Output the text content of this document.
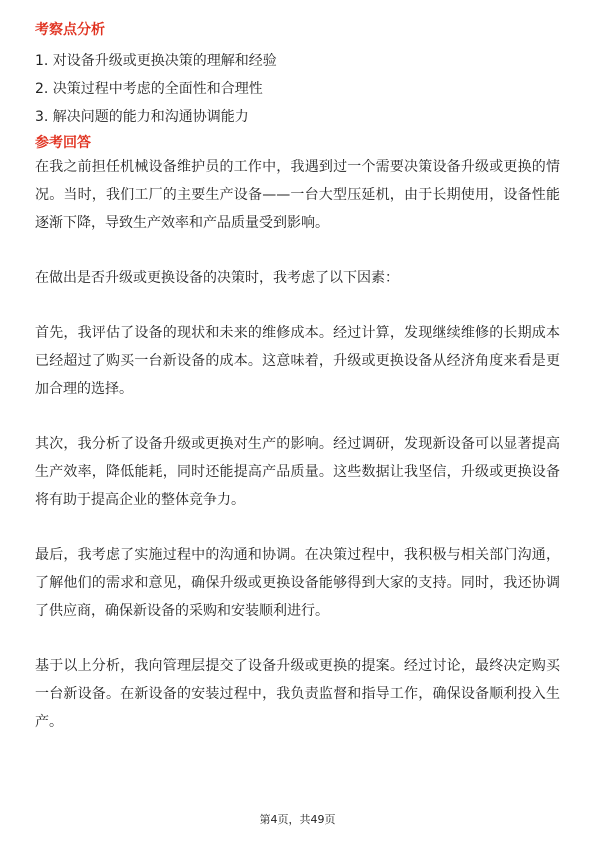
考察点分析
1. 对设备升级或更换决策的理解和经验
2. 决策过程中考虑的全面性和合理性
3. 解决问题的能力和沟通协调能力
参考回答

在我之前担任机械设备维护员的工作中，我遇到过一个需要决策设备升级或更换的情况。当时，我们工厂的主要生产设备——一台大型压延机，由于长期使用，设备性能逐渐下降，导致生产效率和产品质量受到影响。

在做出是否升级或更换设备的决策时，我考虑了以下因素：

首先，我评估了设备的现状和未来的维修成本。经过计算，发现继续维修的长期成本已经超过了购买一台新设备的成本。这意味着，升级或更换设备从经济角度来看是更加合理的选择。

其次，我分析了设备升级或更换对生产的影响。经过调研，发现新设备可以显著提高生产效率，降低能耗，同时还能提高产品质量。这些数据让我坚信，升级或更换设备将有助于提高企业的整体竞争力。

最后，我考虑了实施过程中的沟通和协调。在决策过程中，我积极与相关部门沟通，了解他们的需求和意见，确保升级或更换设备能够得到大家的支持。同时，我还协调了供应商，确保新设备的采购和安装顺利进行。

基于以上分析，我向管理层提交了设备升级或更换的提案。经过讨论，最终决定购买一台新设备。在新设备的安装过程中，我负责监督和指导工作，确保设备顺利投入生产。

第4页，共49页
